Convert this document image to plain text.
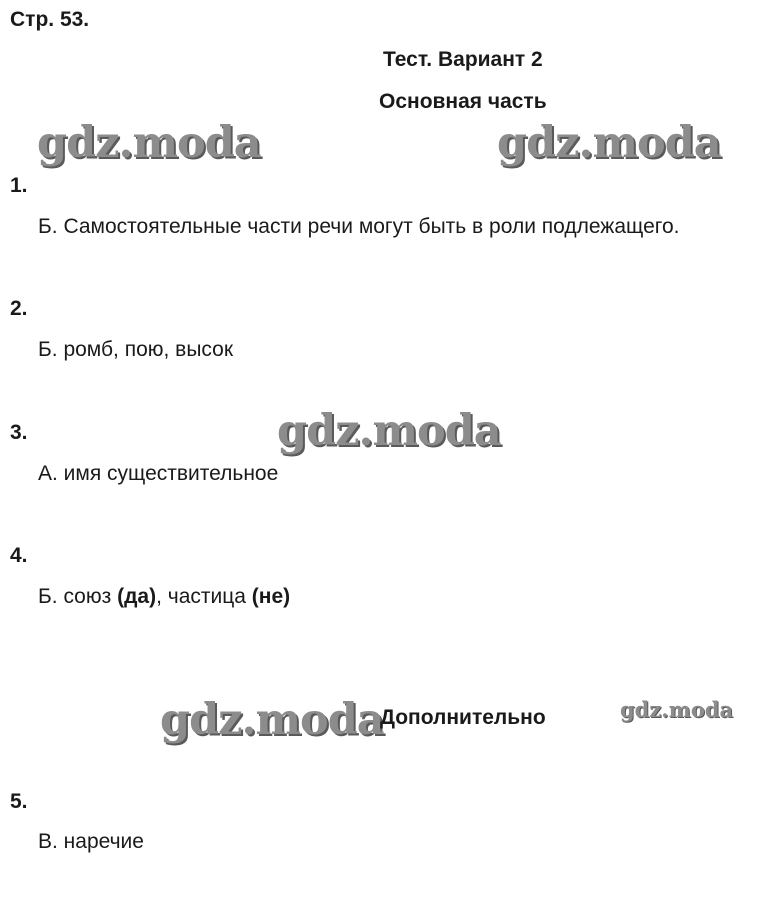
Стр. 53.
Тест. Вариант 2
Основная часть
gdz.moda	gdz.moda
gdz.moda
gdz.moda	gdz.moda
1.
Б. Самостоятельные части речи могут быть в роли подлежащего.
2.
Б. ромб, пою, высок
3.
А. имя существительное
4.
Б. союз (да), частица (не)
Дополнительно
5.
В. наречие
